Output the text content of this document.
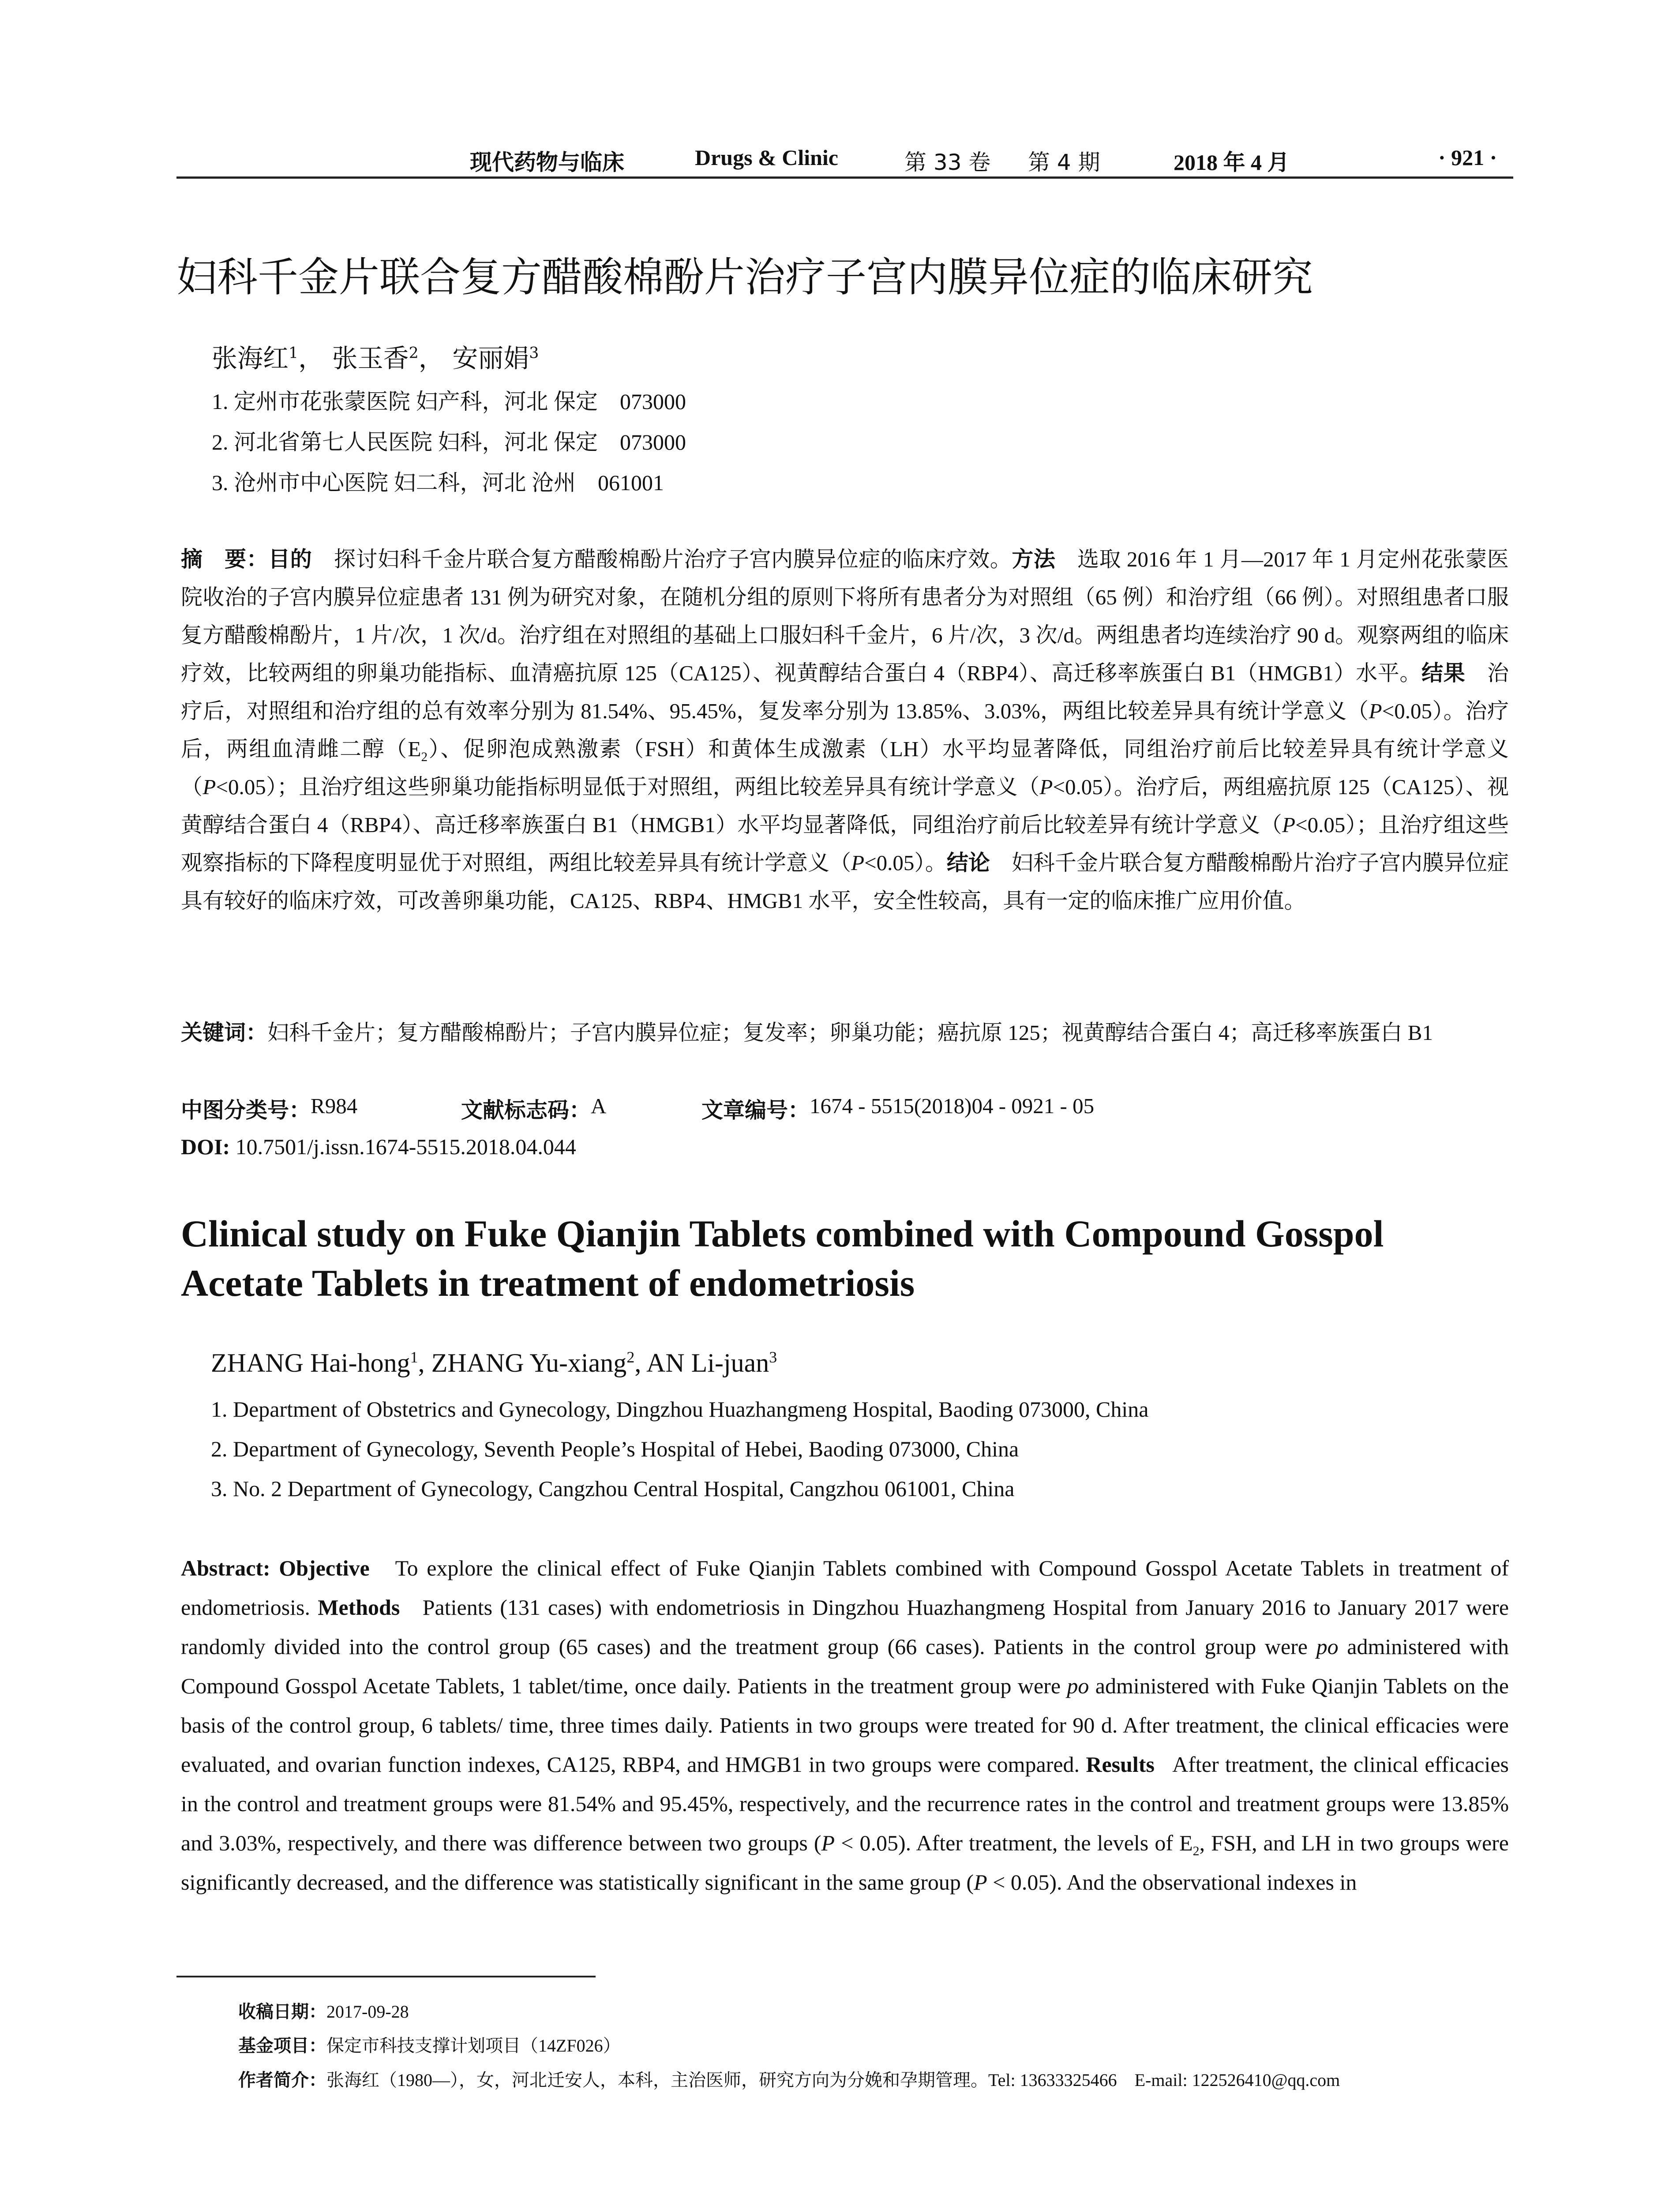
现代药物与临床	Drugs & Clinic	第 33 卷 第 4 期	2018 年 4 月	· 921 ·
妇科千金片联合复方醋酸棉酚片治疗子宫内膜异位症的临床研究
张海红$^1$， 张玉香$^2$， 安丽娟$^3$
1. 定州市花张蒙医院 妇产科，河北 保定　073000
2. 河北省第七人民医院 妇科，河北 保定　073000
3. 沧州市中心医院 妇二科，河北 沧州　061001
摘　要：目的　 探讨妇科千金片联合复方醋酸棉酚片治疗子宫内膜异位症的临床疗效。方法　 选取 2016 年 1 月—2017 年 1 月定州花张蒙医院收治的子宫内膜异位症患者 131 例为研究对象，在随机分组的原则下将所有患者分为对照组（65 例）和治疗组（66 例）。对照组患者口服复方醋酸棉酚片，1 片/次，1 次/d。治疗组在对照组的基础上口服妇科千金片，6 片/次，3 次/d。两组患者均连续治疗 90 d。观察两组的临床疗效，比较两组的卵巢功能指标、血清癌抗原 125（CA125）、视黄醇结合蛋白 4（RBP4）、高迁移率族蛋白 B1（HMGB1）水平。结果　 治疗后，对照组和治疗组的总有效率分别为 81.54%、95.45%，复发率分别为 13.85%、3.03%，两组比较差异具有统计学意义（P<0.05）。治疗后，两组血清雌二醇$(E_2)$、促卵泡成熟激素（FSH）和黄体生成激素（LH）水平均显著降低，同组治疗前后比较差异具有统计学意义（P<0.05）；且治疗组这些卵巢功能指标明显低于对照组，两组比较差异具有统计学意义（P<0.05）。治疗后，两组癌抗原 125（CA125）、视黄醇结合蛋白 4（RBP4）、高迁移率族蛋白 B1（HMGB1）水平均显著降低，同组治疗前后比较差异有统计学意义（P<0.05）；且治疗组这些观察指标的下降程度明显优于对照组，两组比较差异具有统计学意义（P<0.05）。结论　 妇科千金片联合复方醋酸棉酚片治疗子宫内膜异位症具有较好的临床疗效，可改善卵巢功能，CA125、RBP4、HMGB1 水平，安全性较高，具有一定的临床推广应用价值。
关键词：妇科千金片；复方醋酸棉酚片；子宫内膜异位症；复发率；卵巢功能；癌抗原 125；视黄醇结合蛋白 4；高迁移率族蛋白 B1
中图分类号： R984	文献标志码： A	文章编号： 1674 - 5515(2018)04 - 0921 - 05
DOI: 10.7501/j.issn.1674-5515.2018.04.044
Clinical study on Fuke Qianjin Tablets combined with Compound Gosspol Acetate Tablets in treatment of endometriosis
ZHANG Hai-hong$^1$, ZHANG Yu-xiang$^2$, AN Li-juan$^3$
1. Department of Obstetrics and Gynecology, Dingzhou Huazhangmeng Hospital, Baoding 073000, China
2. Department of Gynecology, Seventh People’s Hospital of Hebei, Baoding 073000, China
3. No. 2 Department of Gynecology, Cangzhou Central Hospital, Cangzhou 061001, China
Abstract: Objective To explore the clinical effect of Fuke Qianjin Tablets combined with Compound Gosspol Acetate Tablets in treatment of endometriosis. Methods Patients (131 cases) with endometriosis in Dingzhou Huazhangmeng Hospital from January 2016 to January 2017 were randomly divided into the control group (65 cases) and the treatment group (66 cases). Patients in the control group were po administered with Compound Gosspol Acetate Tablets, 1 tablet/time, once daily. Patients in the treatment group were po administered with Fuke Qianjin Tablets on the basis of the control group, 6 tablets/ time, three times daily. Patients in two groups were treated for 90 d. After treatment, the clinical efficacies were evaluated, and ovarian function indexes, CA125, RBP4, and HMGB1 in two groups were compared. Results After treatment, the clinical efficacies in the control and treatment groups were 81.54% and 95.45%, respectively, and the recurrence rates in the control and treatment groups were 13.85% and 3.03%, respectively, and there was difference between two groups (P < 0.05). After treatment, the levels of $E_2$, FSH, and LH in two groups were significantly decreased, and the difference was statistically significant in the same group (P < 0.05). And the observational indexes in
收稿日期：2017-09-28
基金项目：保定市科技支撑计划项目（14ZF026）
作者简介：张海红（1980—），女，河北迁安人，本科，主治医师，研究方向为分娩和孕期管理。Tel: 13633325466　E-mail: 122526410@qq.com
